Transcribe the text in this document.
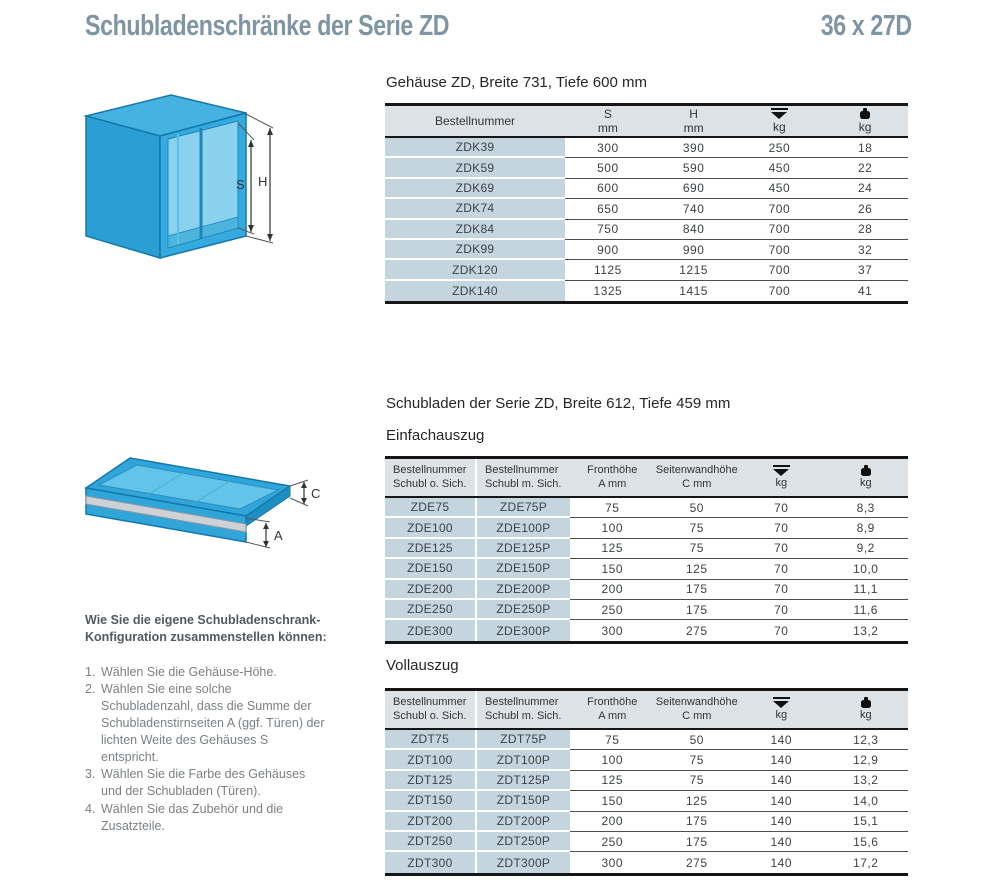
Schubladenschränke der Serie ZD	36 x 27D
S H
C
A
Gehäuse ZD, Breite 731, Tiefe 600 mm
Schubladen der Serie ZD, Breite 612, Tiefe 459 mm
Einfachauszug
Vollauszug
Bestellnummer
S
mm
H
mm	kg	kg
ZDK39	300	390	250	18
ZDK59	500	590	450	22
ZDK69	600	690	450	24
ZDK74	650	740	700	26
ZDK84	750	840	700	28
ZDK99	900	990	700	32
ZDK120	1125	1215	700	37
ZDK140	1325	1415	700	41
Bestellnummer
Schubl o. Sich.
Bestellnummer
Schubl m. Sich.
Fronthöhe
A mm
Seitenwandhöhe
C mm	kg	kg
ZDE75	ZDE75P	75	50	70	8,3
ZDE100	ZDE100P	100	75	70	8,9
ZDE125	ZDE125P	125	75	70	9,2
ZDE150	ZDE150P	150	125	70	10,0
ZDE200	ZDE200P	200	175	70	11,1
ZDE250	ZDE250P	250	175	70	11,6
ZDE300	ZDE300P	300	275	70	13,2
Bestellnummer
Schubl o. Sich.
Bestellnummer
Schubl m. Sich.
Fronthöhe
A mm
Seitenwandhöhe
C mm	kg	kg
ZDT75	ZDT75P	75	50	140	12,3
ZDT100	ZDT100P	100	75	140	12,9
ZDT125	ZDT125P	125	75	140	13,2
ZDT150	ZDT150P	150	125	140	14,0
ZDT200	ZDT200P	200	175	140	15,1
ZDT250	ZDT250P	250	175	140	15,6
ZDT300	ZDT300P	300	275	140	17,2
Wie Sie die eigene Schubladenschrank-Konfiguration zusammenstellen können:
1. Wählen Sie die Gehäuse-Höhe.
2. Wählen Sie eine solche Schubladenzahl, dass die Summe der Schubladenstirnseiten A (ggf. Türen) der lichten Weite des Gehäuses S entspricht.
3. Wählen Sie die Farbe des Gehäuses und der Schubladen (Türen).
4. Wählen Sie das Zubehör und die Zusatzteile.
